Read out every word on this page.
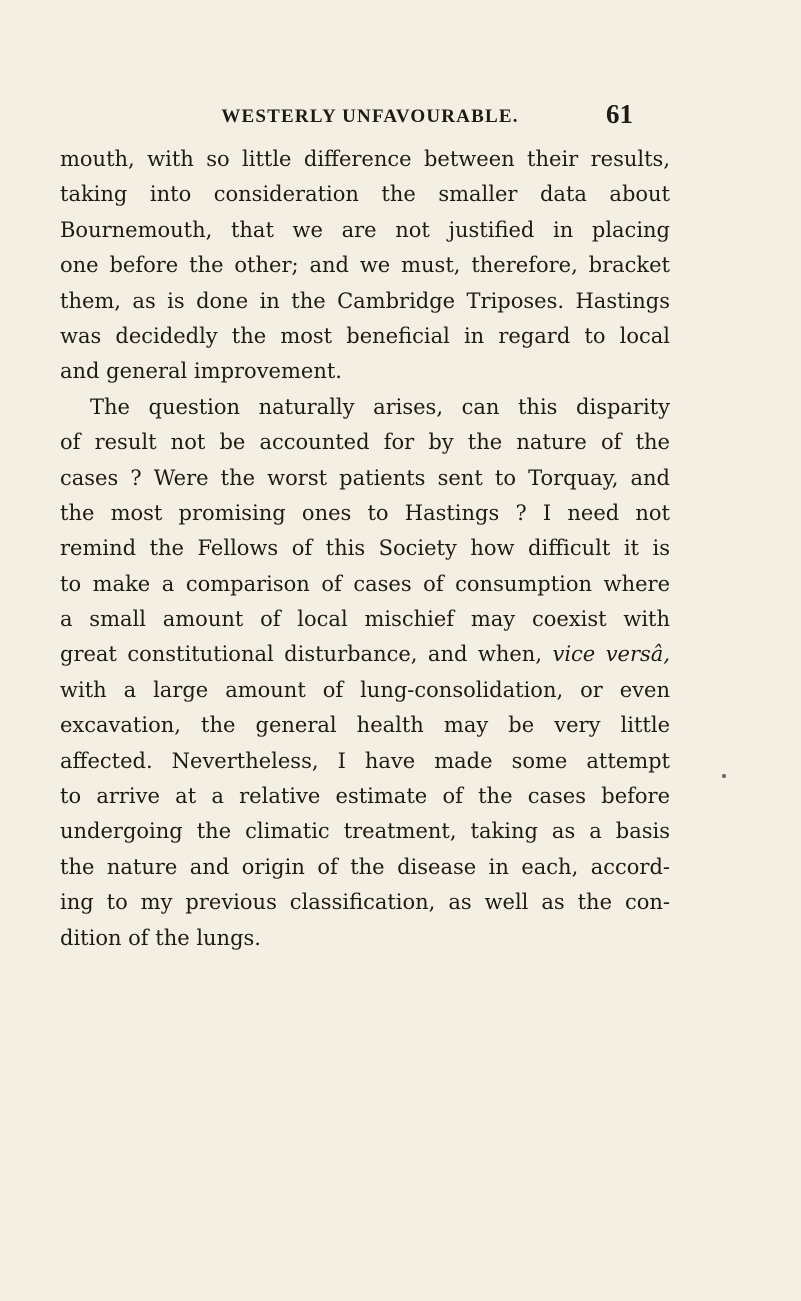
WESTERLY UNFAVOURABLE.	61
mouth, with so little difference between their results,
taking into consideration the smaller data about
Bournemouth, that we are not justified in placing
one before the other; and we must, therefore, bracket
them, as is done in the Cambridge Triposes. Hastings
was decidedly the most beneficial in regard to local
and general improvement.
The question naturally arises, can this disparity
of result not be accounted for by the nature of the
cases ? Were the worst patients sent to Torquay, and
the most promising ones to Hastings ? I need not
remind the Fellows of this Society how difficult it is
to make a comparison of cases of consumption where
a small amount of local mischief may coexist with
great constitutional disturbance, and when, vice versâ,
with a large amount of lung-consolidation, or even
excavation, the general health may be very little
affected. Nevertheless, I have made some attempt
to arrive at a relative estimate of the cases before
undergoing the climatic treatment, taking as a basis
the nature and origin of the disease in each, accord-
ing to my previous classification, as well as the con-
dition of the lungs.
